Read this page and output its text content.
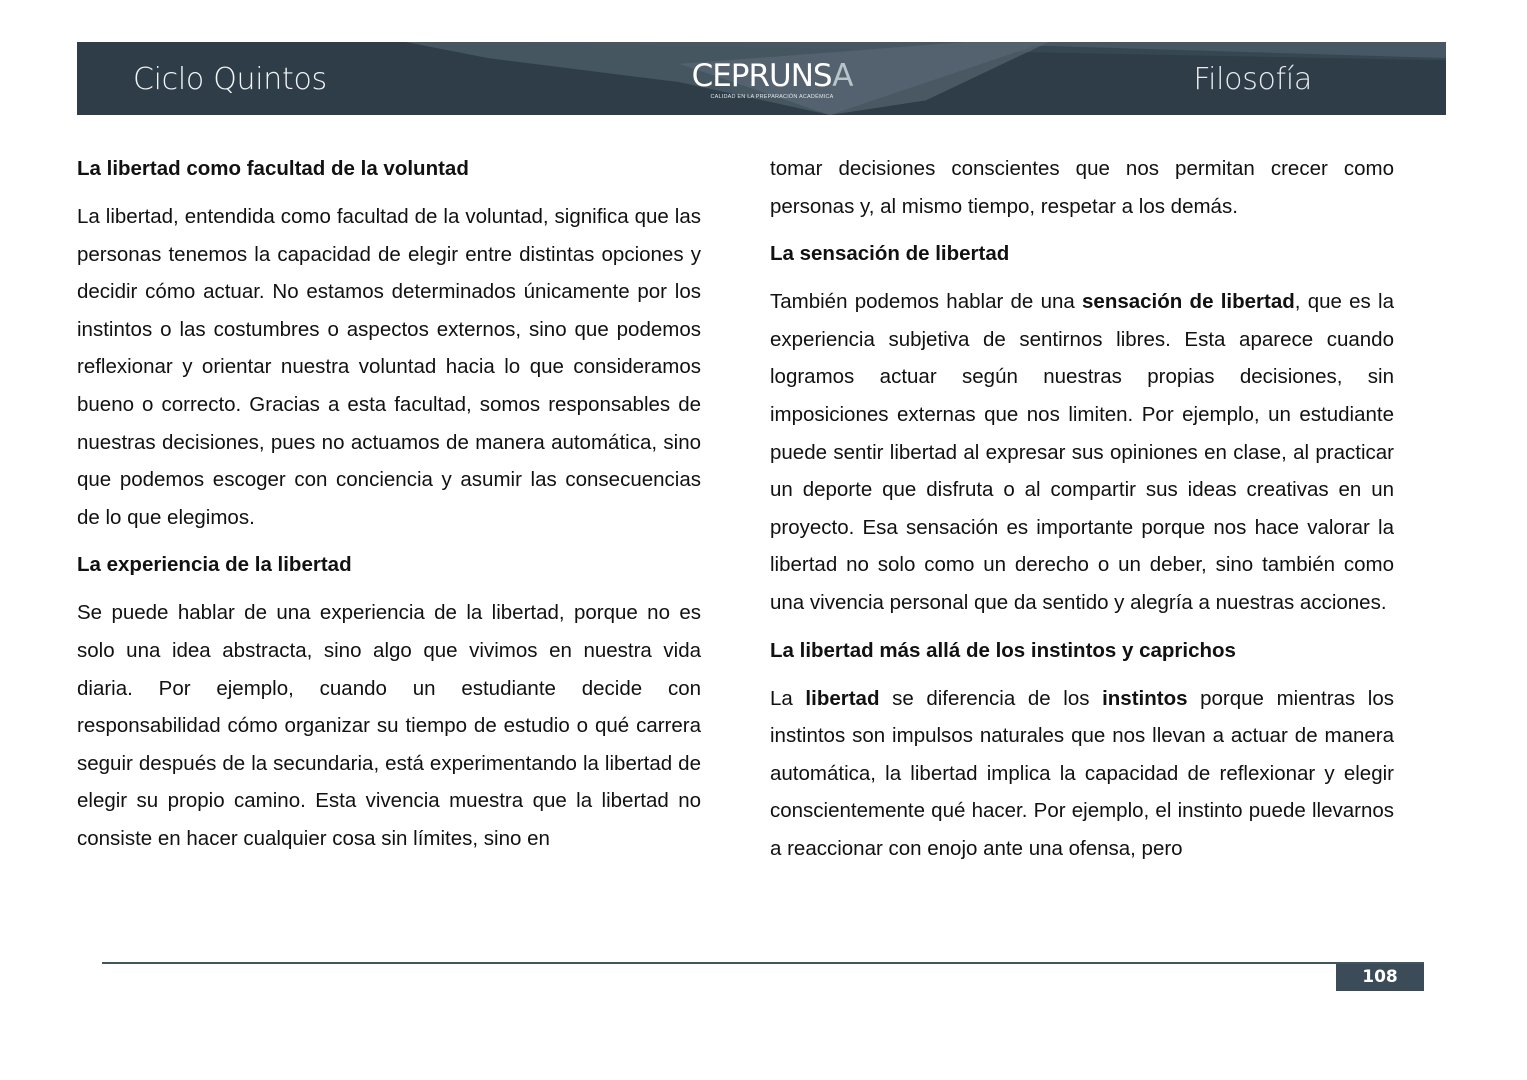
Ciclo Quintos	CEPRUNSA
CALIDAD EN LA PREPARACIÓN ACADÉMICA	Filosofía
La libertad como facultad de la voluntad

La libertad, entendida como facultad de la voluntad, significa que las personas tenemos la capacidad de elegir entre distintas opciones y decidir cómo actuar. No estamos determinados únicamente por los instintos o las costumbres o aspectos externos, sino que podemos reflexionar y orientar nuestra voluntad hacia lo que consideramos bueno o correcto. Gracias a esta facultad, somos responsables de nuestras decisiones, pues no actuamos de manera automática, sino que podemos escoger con conciencia y asumir las consecuencias de lo que elegimos.

La experiencia de la libertad

Se puede hablar de una experiencia de la libertad, porque no es solo una idea abstracta, sino algo que vivimos en nuestra vida diaria. Por ejemplo, cuando un estudiante decide con responsabilidad cómo organizar su tiempo de estudio o qué carrera seguir después de la secundaria, está experimentando la libertad de elegir su propio camino. Esta vivencia muestra que la libertad no consiste en hacer cualquier cosa sin límites, sino en

tomar decisiones conscientes que nos permitan crecer como personas y, al mismo tiempo, respetar a los demás.

La sensación de libertad

También podemos hablar de una sensación de libertad, que es la experiencia subjetiva de sentirnos libres. Esta aparece cuando logramos actuar según nuestras propias decisiones, sin imposiciones externas que nos limiten. Por ejemplo, un estudiante puede sentir libertad al expresar sus opiniones en clase, al practicar un deporte que disfruta o al compartir sus ideas creativas en un proyecto. Esa sensación es importante porque nos hace valorar la libertad no solo como un derecho o un deber, sino también como una vivencia personal que da sentido y alegría a nuestras acciones.

La libertad más allá de los instintos y caprichos

La libertad se diferencia de los instintos porque mientras los instintos son impulsos naturales que nos llevan a actuar de manera automática, la libertad implica la capacidad de reflexionar y elegir conscientemente qué hacer. Por ejemplo, el instinto puede llevarnos a reaccionar con enojo ante una ofensa, pero

108
